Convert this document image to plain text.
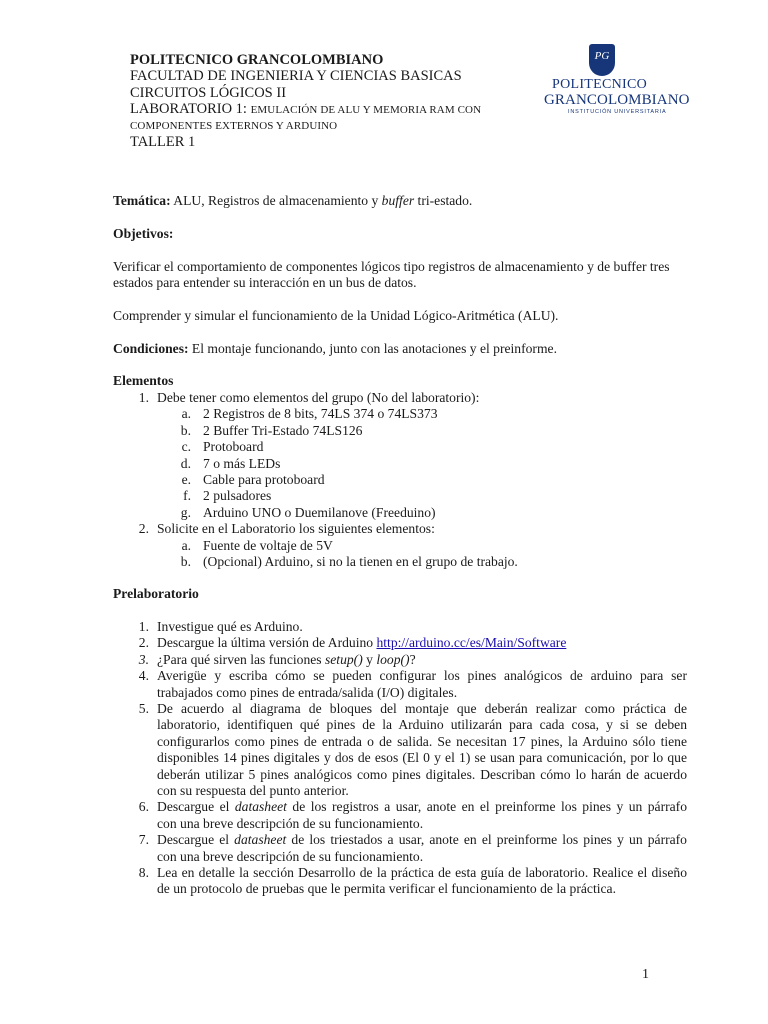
POLITECNICO GRANCOLOMBIANO
FACULTAD DE INGENIERIA Y CIENCIAS BASICAS
CIRCUITOS LÓGICOS II
LABORATORIO 1: EMULACIÓN DE ALU Y MEMORIA RAM CON
COMPONENTES EXTERNOS Y ARDUINO
TALLER 1
PG
POLITECNICO
GRANCOLOMBIANO
INSTITUCIÓN UNIVERSITARIA
Temática: ALU, Registros de almacenamiento y buffer tri-estado.
Objetivos:
Verificar el comportamiento de componentes lógicos tipo registros de almacenamiento y de buffer tres
estados para entender su interacción en un bus de datos.
Comprender y simular el funcionamiento de la Unidad Lógico-Aritmética (ALU).
Condiciones: El montaje funcionando, junto con las anotaciones y el preinforme.
Elementos
1. Debe tener como elementos del grupo (No del laboratorio):
a. 2 Registros de 8 bits, 74LS 374 o 74LS373
b. 2 Buffer Tri-Estado 74LS126
c. Protoboard
d. 7 o más LEDs
e. Cable para protoboard
f. 2 pulsadores
g. Arduino UNO o Duemilanove (Freeduino)
2. Solicite en el Laboratorio los siguientes elementos:
a. Fuente de voltaje de 5V
b. (Opcional) Arduino, si no la tienen en el grupo de trabajo.
Prelaboratorio
1. Investigue qué es Arduino.
2. Descargue la última versión de Arduino http://arduino.cc/es/Main/Software
3. ¿Para qué sirven las funciones setup() y loop()?
4. Averigüe y escriba cómo se pueden configurar los pines analógicos de arduino para ser
trabajados como pines de entrada/salida (I/O) digitales.
5. De acuerdo al diagrama de bloques del montaje que deberán realizar como práctica de
laboratorio, identifiquen qué pines de la Arduino utilizarán para cada cosa, y si se deben
configurarlos como pines de entrada o de salida. Se necesitan 17 pines, la Arduino sólo tiene
disponibles 14 pines digitales y dos de esos (El 0 y el 1) se usan para comunicación, por lo que
deberán utilizar 5 pines analógicos como pines digitales. Describan cómo lo harán de acuerdo
con su respuesta del punto anterior.
6. Descargue el datasheet de los registros a usar, anote en el preinforme los pines y un párrafo
con una breve descripción de su funcionamiento.
7. Descargue el datasheet de los triestados a usar, anote en el preinforme los pines y un párrafo
con una breve descripción de su funcionamiento.
8. Lea en detalle la sección Desarrollo de la práctica de esta guía de laboratorio. Realice el diseño
de un protocolo de pruebas que le permita verificar el funcionamiento de la práctica.
1
